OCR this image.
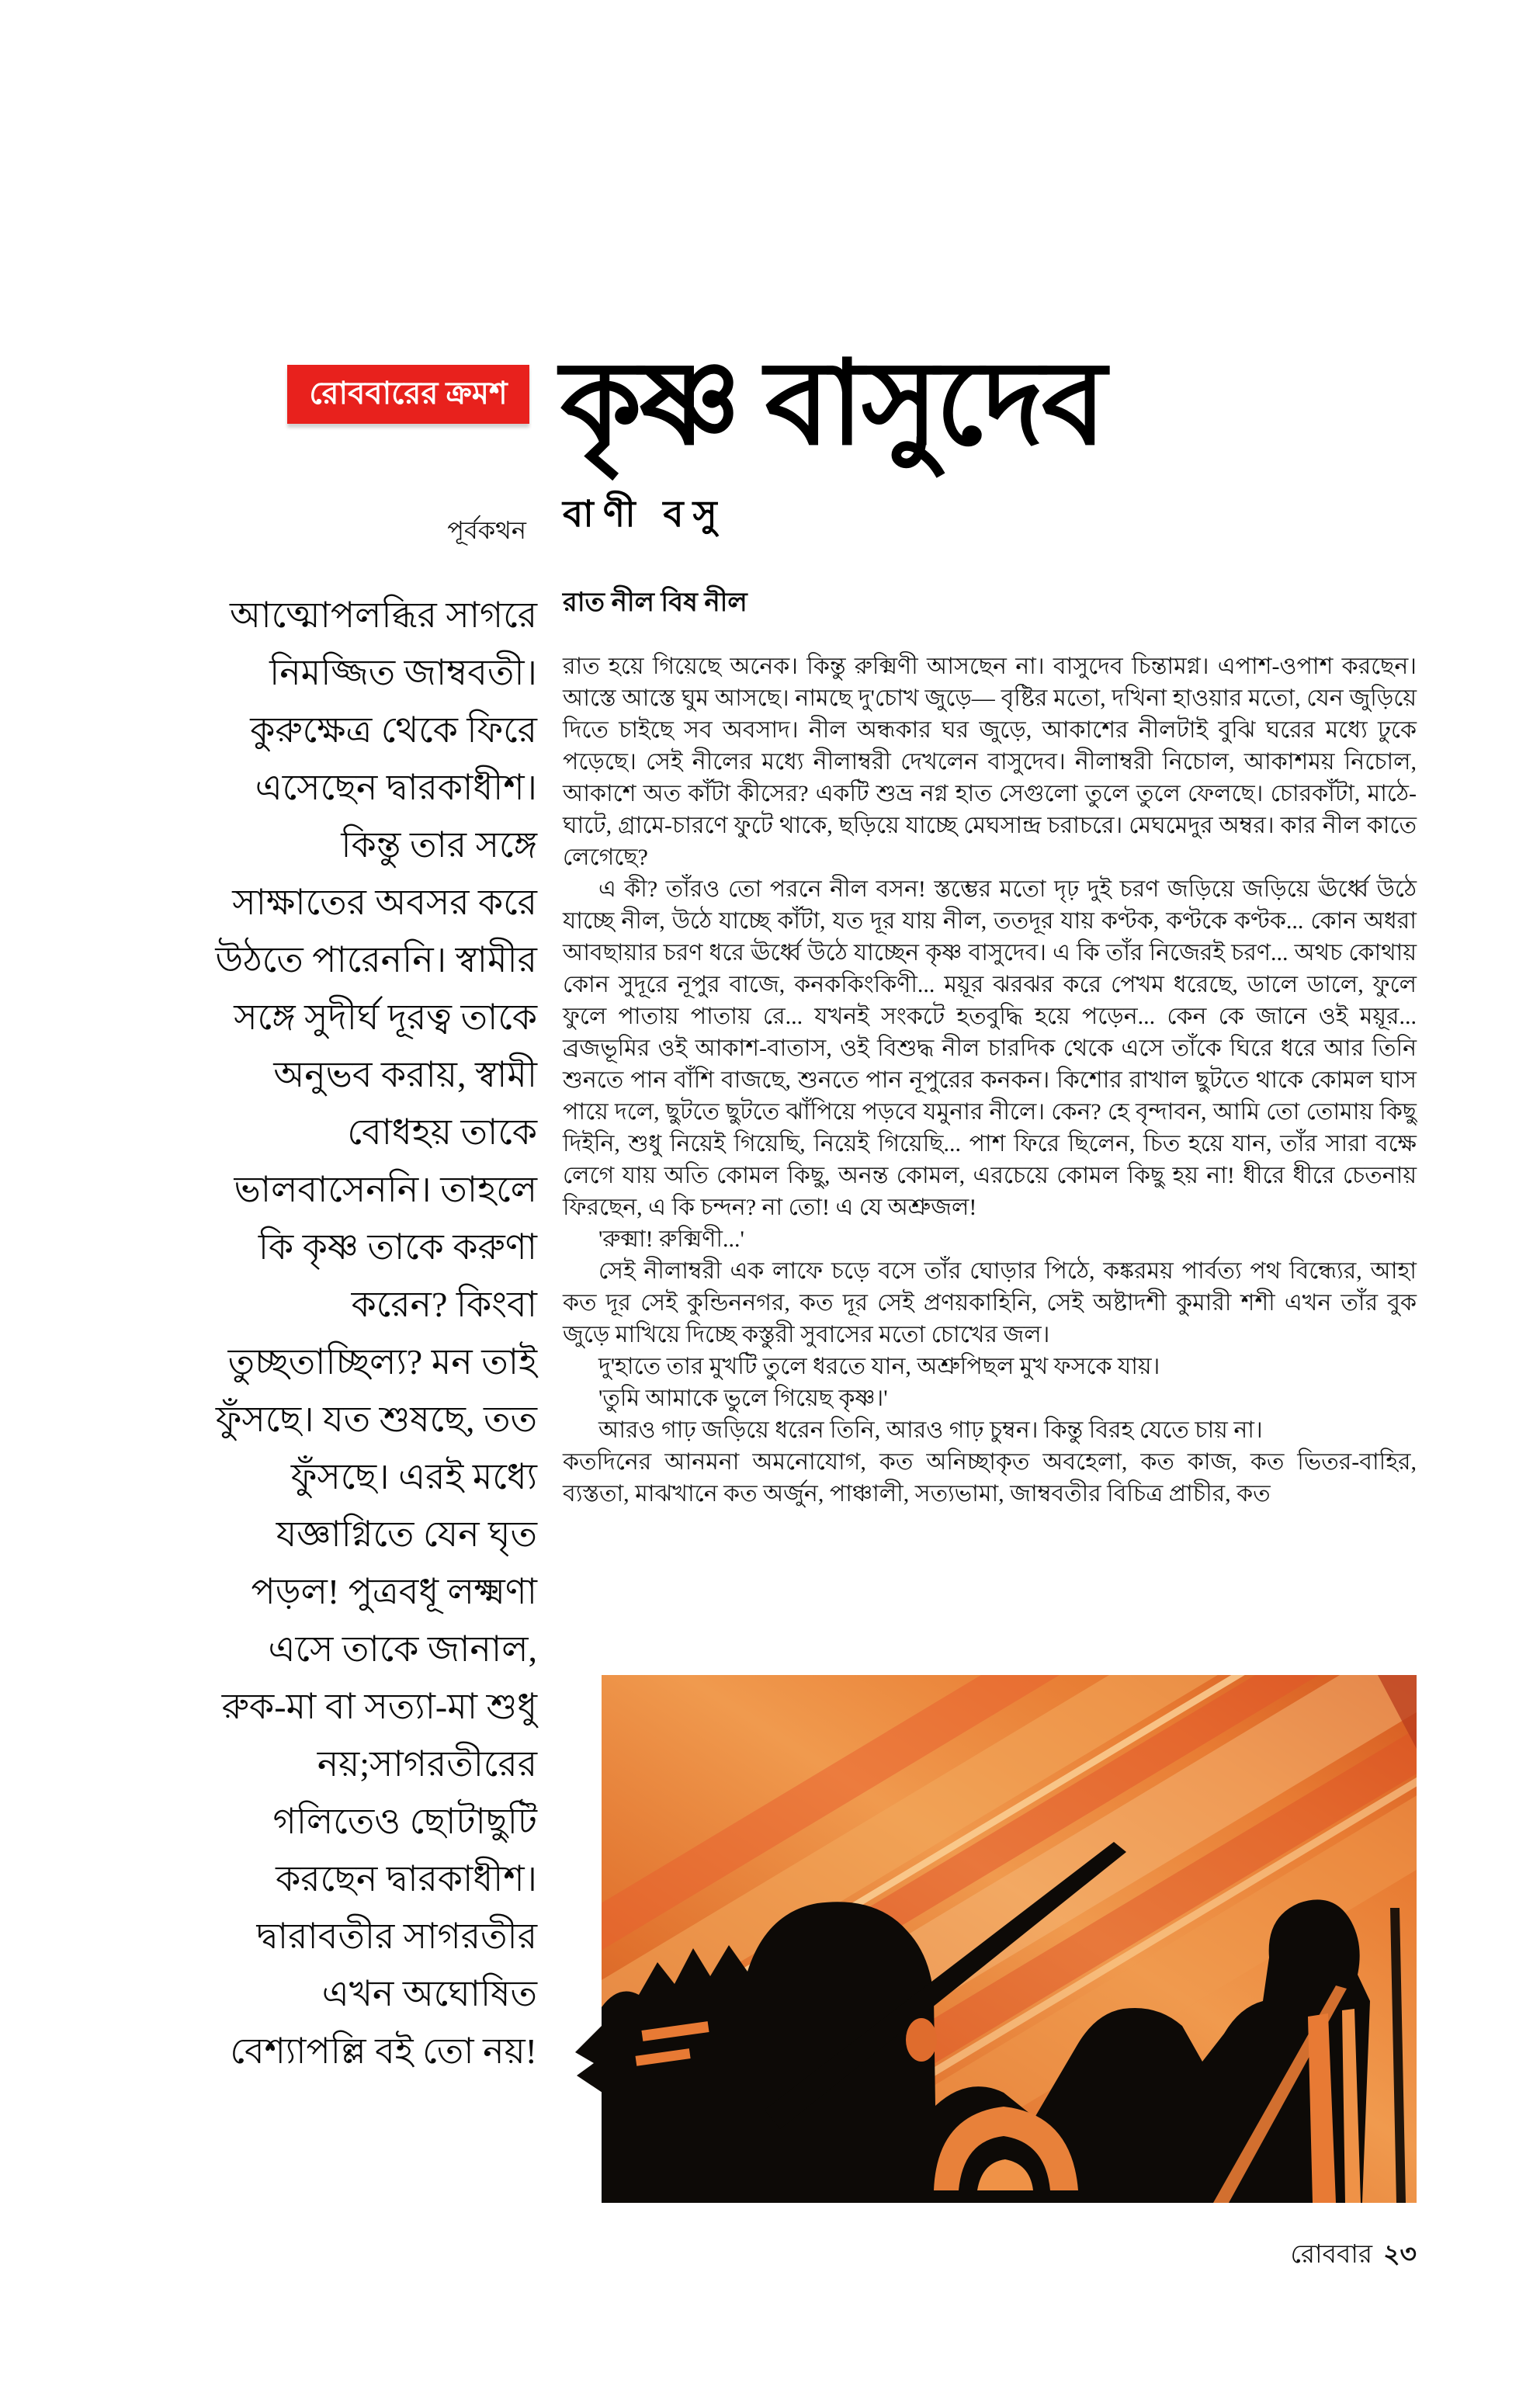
রোববারের ক্রমশ কৃষ্ণ বাসুদেব
পূর্বকথন বাণী বসু
রাত নীল বিষ নীল
আত্মোপলব্ধির সাগরে
নিমজ্জিত জাম্ববতী।
কুরুক্ষেত্র থেকে ফিরে
এসেছেন দ্বারকাধীশ।
কিন্তু তার সঙ্গে
সাক্ষাতের অবসর করে
উঠতে পারেননি। স্বামীর
সঙ্গে সুদীর্ঘ দূরত্ব তাকে
অনুভব করায়, স্বামী
বোধহয় তাকে
ভালবাসেননি। তাহলে
কি কৃষ্ণ তাকে করুণা
করেন? কিংবা
তুচ্ছতাচ্ছিল্য? মন তাই
ফুঁসছে। যত শুষছে, তত
ফুঁসছে। এরই মধ্যে
যজ্ঞাগ্নিতে যেন ঘৃত
পড়ল! পুত্রবধূ লক্ষ্মণা
এসে তাকে জানাল,
রুক-মা বা সত্যা-মা শুধু
নয়;সাগরতীরের
গলিতেও ছোটাছুটি
করছেন দ্বারকাধীশ।
দ্বারাবতীর সাগরতীর
এখন অঘোষিত
বেশ্যাপল্লি বই তো নয়!

রাত হয়ে গিয়েছে অনেক। কিন্তু রুক্মিণী আসছেন না। বাসুদেব চিন্তামগ্ন। এপাশ-ওপাশ করছেন। আস্তে আস্তে ঘুম আসছে। নামছে দু'চোখ জুড়ে— বৃষ্টির মতো, দখিনা হাওয়ার মতো, যেন জুড়িয়ে দিতে চাইছে সব অবসাদ। নীল অন্ধকার ঘর জুড়ে, আকাশের নীলটাই বুঝি ঘরের মধ্যে ঢুকে পড়েছে। সেই নীলের মধ্যে নীলাম্বরী দেখলেন বাসুদেব। নীলাম্বরী নিচোল, আকাশময় নিচোল, আকাশে অত কাঁটা কীসের? একটি শুভ্র নগ্ন হাত সেগুলো তুলে তুলে ফেলছে। চোরকাঁটা, মাঠে-ঘাটে, গ্রামে-চারণে ফুটে থাকে, ছড়িয়ে যাচ্ছে মেঘসান্দ্র চরাচরে। মেঘমেদুর অম্বর। কার নীল কাতে লেগেছে?

এ কী? তাঁরও তো পরনে নীল বসন! স্তম্ভের মতো দৃঢ় দুই চরণ জড়িয়ে জড়িয়ে ঊর্ধ্বে উঠে যাচ্ছে নীল, উঠে যাচ্ছে কাঁটা, যত দূর যায় নীল, ততদূর যায় কণ্টক, কণ্টকে কণ্টক... কোন অধরা আবছায়ার চরণ ধরে ঊর্ধ্বে উঠে যাচ্ছেন কৃষ্ণ বাসুদেব। এ কি তাঁর নিজেরই চরণ... অথচ কোথায় কোন সুদূরে নূপুর বাজে, কনককিংকিণী... ময়ূর ঝরঝর করে পেখম ধরেছে, ডালে ডালে, ফুলে ফুলে পাতায় পাতায় রে... যখনই সংকটে হতবুদ্ধি হয়ে পড়েন... কেন কে জানে ওই ময়ূর... ব্রজভূমির ওই আকাশ-বাতাস, ওই বিশুদ্ধ নীল চারদিক থেকে এসে তাঁকে ঘিরে ধরে আর তিনি শুনতে পান বাঁশি বাজছে, শুনতে পান নূপুরের কনকন। কিশোর রাখাল ছুটতে থাকে কোমল ঘাস পায়ে দলে, ছুটতে ছুটতে ঝাঁপিয়ে পড়বে যমুনার নীলে। কেন? হে বৃন্দাবন, আমি তো তোমায় কিছু দিইনি, শুধু নিয়েই গিয়েছি, নিয়েই গিয়েছি... পাশ ফিরে ছিলেন, চিত হয়ে যান, তাঁর সারা বক্ষে লেগে যায় অতি কোমল কিছু, অনন্ত কোমল, এরচেয়ে কোমল কিছু হয় না! ধীরে ধীরে চেতনায় ফিরছেন, এ কি চন্দন? না তো! এ যে অশ্রুজল!

'রুক্মা! রুক্মিণী...'

সেই নীলাম্বরী এক লাফে চড়ে বসে তাঁর ঘোড়ার পিঠে, কঙ্করময় পার্বত্য পথ বিন্ধ্যের, আহা কত দূর সেই কুন্ডিননগর, কত দূর সেই প্রণয়কাহিনি, সেই অষ্টাদশী কুমারী শশী এখন তাঁর বুক জুড়ে মাখিয়ে দিচ্ছে কস্তুরী সুবাসের মতো চোখের জল।

দু'হাতে তার মুখটি তুলে ধরতে যান, অশ্রুপিছল মুখ ফসকে যায়।

'তুমি আমাকে ভুলে গিয়েছ কৃষ্ণ।'

আরও গাঢ় জড়িয়ে ধরেন তিনি, আরও গাঢ় চুম্বন। কিন্তু বিরহ যেতে চায় না।

কতদিনের আনমনা অমনোযোগ, কত অনিচ্ছাকৃত অবহেলা, কত কাজ, কত ভিতর-বাহির, ব্যস্ততা, মাঝখানে কত অর্জুন, পাঞ্চালী, সত্যভামা, জাম্ববতীর বিচিত্র প্রাচীর, কত

রোববার ২৩
